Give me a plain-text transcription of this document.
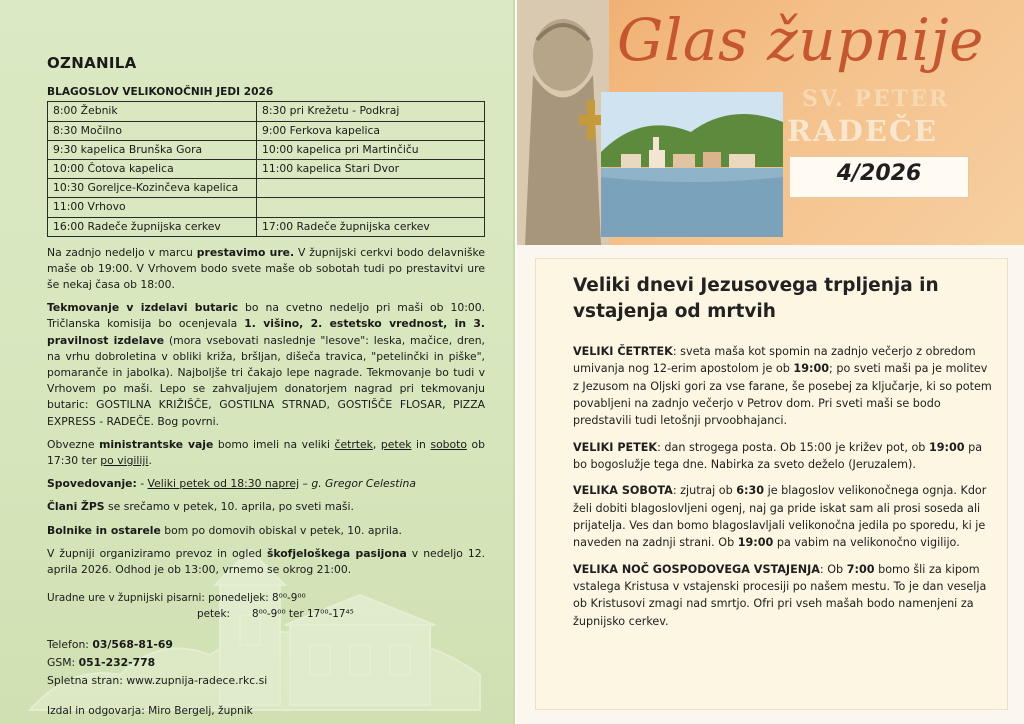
OZNANILA
BLAGOSLOV VELIKONOČNIH JEDI 2026
8:00 Žebnik	8:30 pri Krežetu - Podkraj
8:30 Močilno	9:00 Ferkova kapelica
9:30 kapelica Brunška Gora	10:00 kapelica pri Martinčiču
10:00 Čotova kapelica	11:00 kapelica Stari Dvor
10:30 Goreljce-Kozinčeva kapelica	
11:00 Vrhovo	
16:00 Radeče župnijska cerkev	17:00 Radeče župnijska cerkev

Na zadnjo nedeljo v marcu prestavimo ure. V župnijski cerkvi bodo delavniške maše ob 19:00. V Vrhovem bodo svete maše ob sobotah tudi po prestavitvi ure še nekaj časa ob 18:00.

Tekmovanje v izdelavi butaric bo na cvetno nedeljo pri maši ob 10:00. Tričlanska komisija bo ocenjevala 1. višino, 2. estetsko vrednost, in 3. pravilnost izdelave (mora vsebovati naslednje "lesove": leska, mačice, dren, na vrhu dobroletina v obliki križa, bršljan, dišeča travica, "petelinčki in piške", pomaranče in jabolka). Najboljše tri čakajo lepe nagrade. Tekmovanje bo tudi v Vrhovem po maši. Lepo se zahvaljujem donatorjem nagrad pri tekmovanju butaric: GOSTILNA KRIŽIŠČE, GOSTILNA STRNAD, GOSTIŠČE FLOSAR, PIZZA EXPRESS - RADEČE. Bog povrni.

Obvezne ministrantske vaje bomo imeli na veliki četrtek, petek in soboto ob 17:30 ter po vigiliji.

Spovedovanje: - Veliki petek od 18:30 naprej – g. Gregor Celestina

Člani ŽPS se srečamo v petek, 10. aprila, po sveti maši.

Bolnike in ostarele bom po domovih obiskal v petek, 10. aprila.

V župniji organiziramo prevoz in ogled škofjeloškega pasijona v nedeljo 12. aprila 2026. Odhod je ob 13:00, vrnemo se okrog 21:00.

Uradne ure v župnijski pisarni: ponedeljek: 8⁰⁰-9⁰⁰
petek: 8⁰⁰-9⁰⁰ ter 17⁰⁰-17⁴⁵
Telefon: 03/568-81-69
GSM: 051-232-778
Spletna stran: www.zupnija-radece.rkc.si
Izdal in odgovarja: Miro Bergelj, župnik
Glas župnije
SV. PETER
RADEČE
4/2026
Veliki dnevi Jezusovega trpljenja in vstajenja od mrtvih

VELIKI ČETRTEK: sveta maša kot spomin na zadnjo večerjo z obredom umivanja nog 12-erim apostolom je ob 19:00; po sveti maši pa je molitev z Jezusom na Oljski gori za vse farane, še posebej za ključarje, ki so potem povabljeni na zadnjo večerjo v Petrov dom. Pri sveti maši se bodo predstavili tudi letošnji prvoobhajanci.

VELIKI PETEK: dan strogega posta. Ob 15:00 je križev pot, ob 19:00 pa bo bogoslužje tega dne. Nabirka za sveto deželo (Jeruzalem).

VELIKA SOBOTA: zjutraj ob 6:30 je blagoslov velikonočnega ognja. Kdor želi dobiti blagoslovljeni ogenj, naj ga pride iskat sam ali prosi soseda ali prijatelja. Ves dan bomo blagoslavljali velikonočna jedila po sporedu, ki je naveden na zadnji strani. Ob 19:00 pa vabim na velikonočno vigilijo.

VELIKA NOČ GOSPODOVEGA VSTAJENJA: Ob 7:00 bomo šli za kipom vstalega Kristusa v vstajenski procesiji po našem mestu. To je dan veselja ob Kristusovi zmagi nad smrtjo. Ofri pri vseh mašah bodo namenjeni za župnijsko cerkev.
